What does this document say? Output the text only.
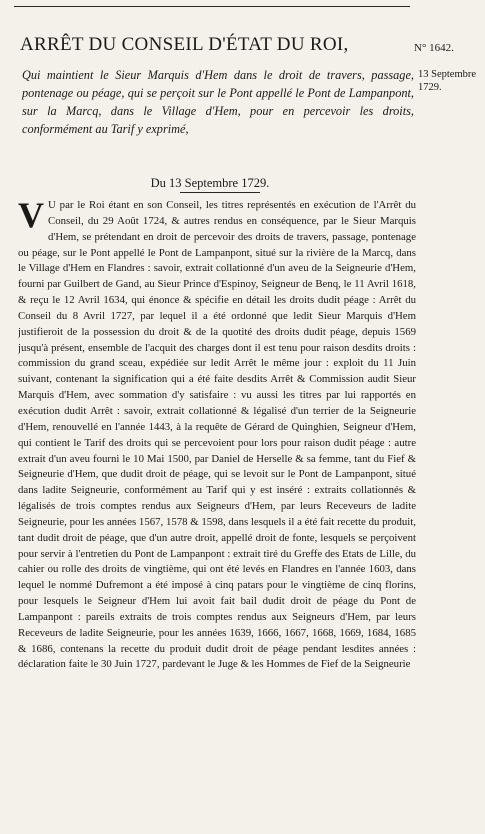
ARRÊT DU CONSEIL D'ÉTAT DU ROI,	N° 1642.
13 Septembre 1729.
Qui maintient le Sieur Marquis d'Hem dans le droit de travers, passage, pontenage ou péage, qui se perçoit sur le Pont appellé le Pont de Lampanpont, sur la Marcq, dans le Village d'Hem, pour en percevoir les droits, conformément au Tarif y exprimé,
Du 13 Septembre 1729.
V U par le Roi étant en son Conseil, les titres représentés en exécution de l'Arrêt du Conseil, du 29 Août 1724, & autres rendus en conséquence, par le Sieur Marquis d'Hem, se prétendant en droit de percevoir des droits de travers, passage, pontenage ou péage, sur le Pont appellé le Pont de Lampanpont, situé sur la rivière de la Marcq, dans le Village d'Hem en Flandres : savoir, extrait collationné d'un aveu de la Seigneurie d'Hem, fourni par Guilbert de Gand, au Sieur Prince d'Espinoy, Seigneur de Benq, le 11 Avril 1618, & reçu le 12 Avril 1634, qui énonce & spécifie en détail les droits dudit péage : Arrêt du Conseil du 8 Avril 1727, par lequel il a été ordonné que ledit Sieur Marquis d'Hem justifieroit de la possession du droit & de la quotité des droits dudit péage, depuis 1569 jusqu'à présent, ensemble de l'acquit des charges dont il est tenu pour raison desdits droits : commission du grand sceau, expédiée sur ledit Arrêt le même jour : exploit du 11 Juin suivant, contenant la signification qui a été faite desdits Arrêt & Commission audit Sieur Marquis d'Hem, avec sommation d'y satisfaire : vu aussi les titres par lui rapportés en exécution dudit Arrêt : savoir, extrait collationné & légalisé d'un terrier de la Seigneurie d'Hem, renouvellé en l'année 1443, à la requête de Gérard de Quinghien, Seigneur d'Hem, qui contient le Tarif des droits qui se percevoient pour lors pour raison dudit péage : autre extrait d'un aveu fourni le 10 Mai 1500, par Daniel de Herselle & sa femme, tant du Fief & Seigneurie d'Hem, que dudit droit de péage, qui se levoit sur le Pont de Lampanpont, situé dans ladite Seigneurie, conformément au Tarif qui y est inséré : extraits collationnés & légalisés de trois comptes rendus aux Seigneurs d'Hem, par leurs Receveurs de ladite Seigneurie, pour les années 1567, 1578 & 1598, dans lesquels il a été fait recette du produit, tant dudit droit de péage, que d'un autre droit, appellé droit de fonte, lesquels se perçoivent pour servir à l'entretien du Pont de Lampanpont : extrait tiré du Greffe des Etats de Lille, du cahier ou rolle des droits de vingtième, qui ont été levés en Flandres en l'année 1603, dans lequel le nommé Dufremont a été imposé à cinq patars pour le vingtième de cinq florins, pour lesquels le Seigneur d'Hem lui avoit fait bail dudit droit de péage du Pont de Lampanpont : pareils extraits de trois comptes rendus aux Seigneurs d'Hem, par leurs Receveurs de ladite Seigneurie, pour les années 1639, 1666, 1667, 1668, 1669, 1684, 1685 & 1686, contenans la recette du produit dudit droit de péage pendant lesdites années : déclaration faite le 30 Juin 1727, pardevant le Juge & les Hommes de Fief de la Seigneurie
